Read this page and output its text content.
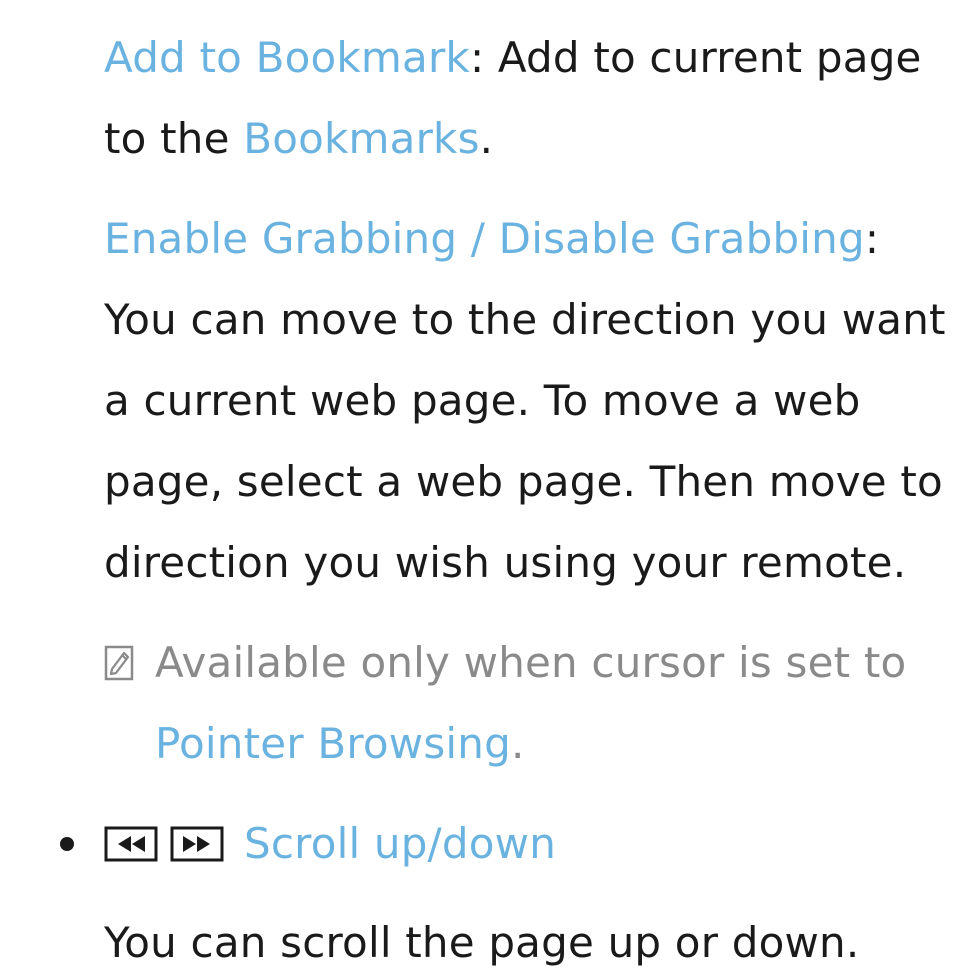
Add to Bookmark: Add to current page
to the Bookmarks.
Enable Grabbing / Disable Grabbing:
You can move to the direction you want
a current web page. To move a web
page, select a web page. Then move to
direction you wish using your remote.
Available only when cursor is set to
Pointer Browsing.
Scroll up/down
You can scroll the page up or down.
